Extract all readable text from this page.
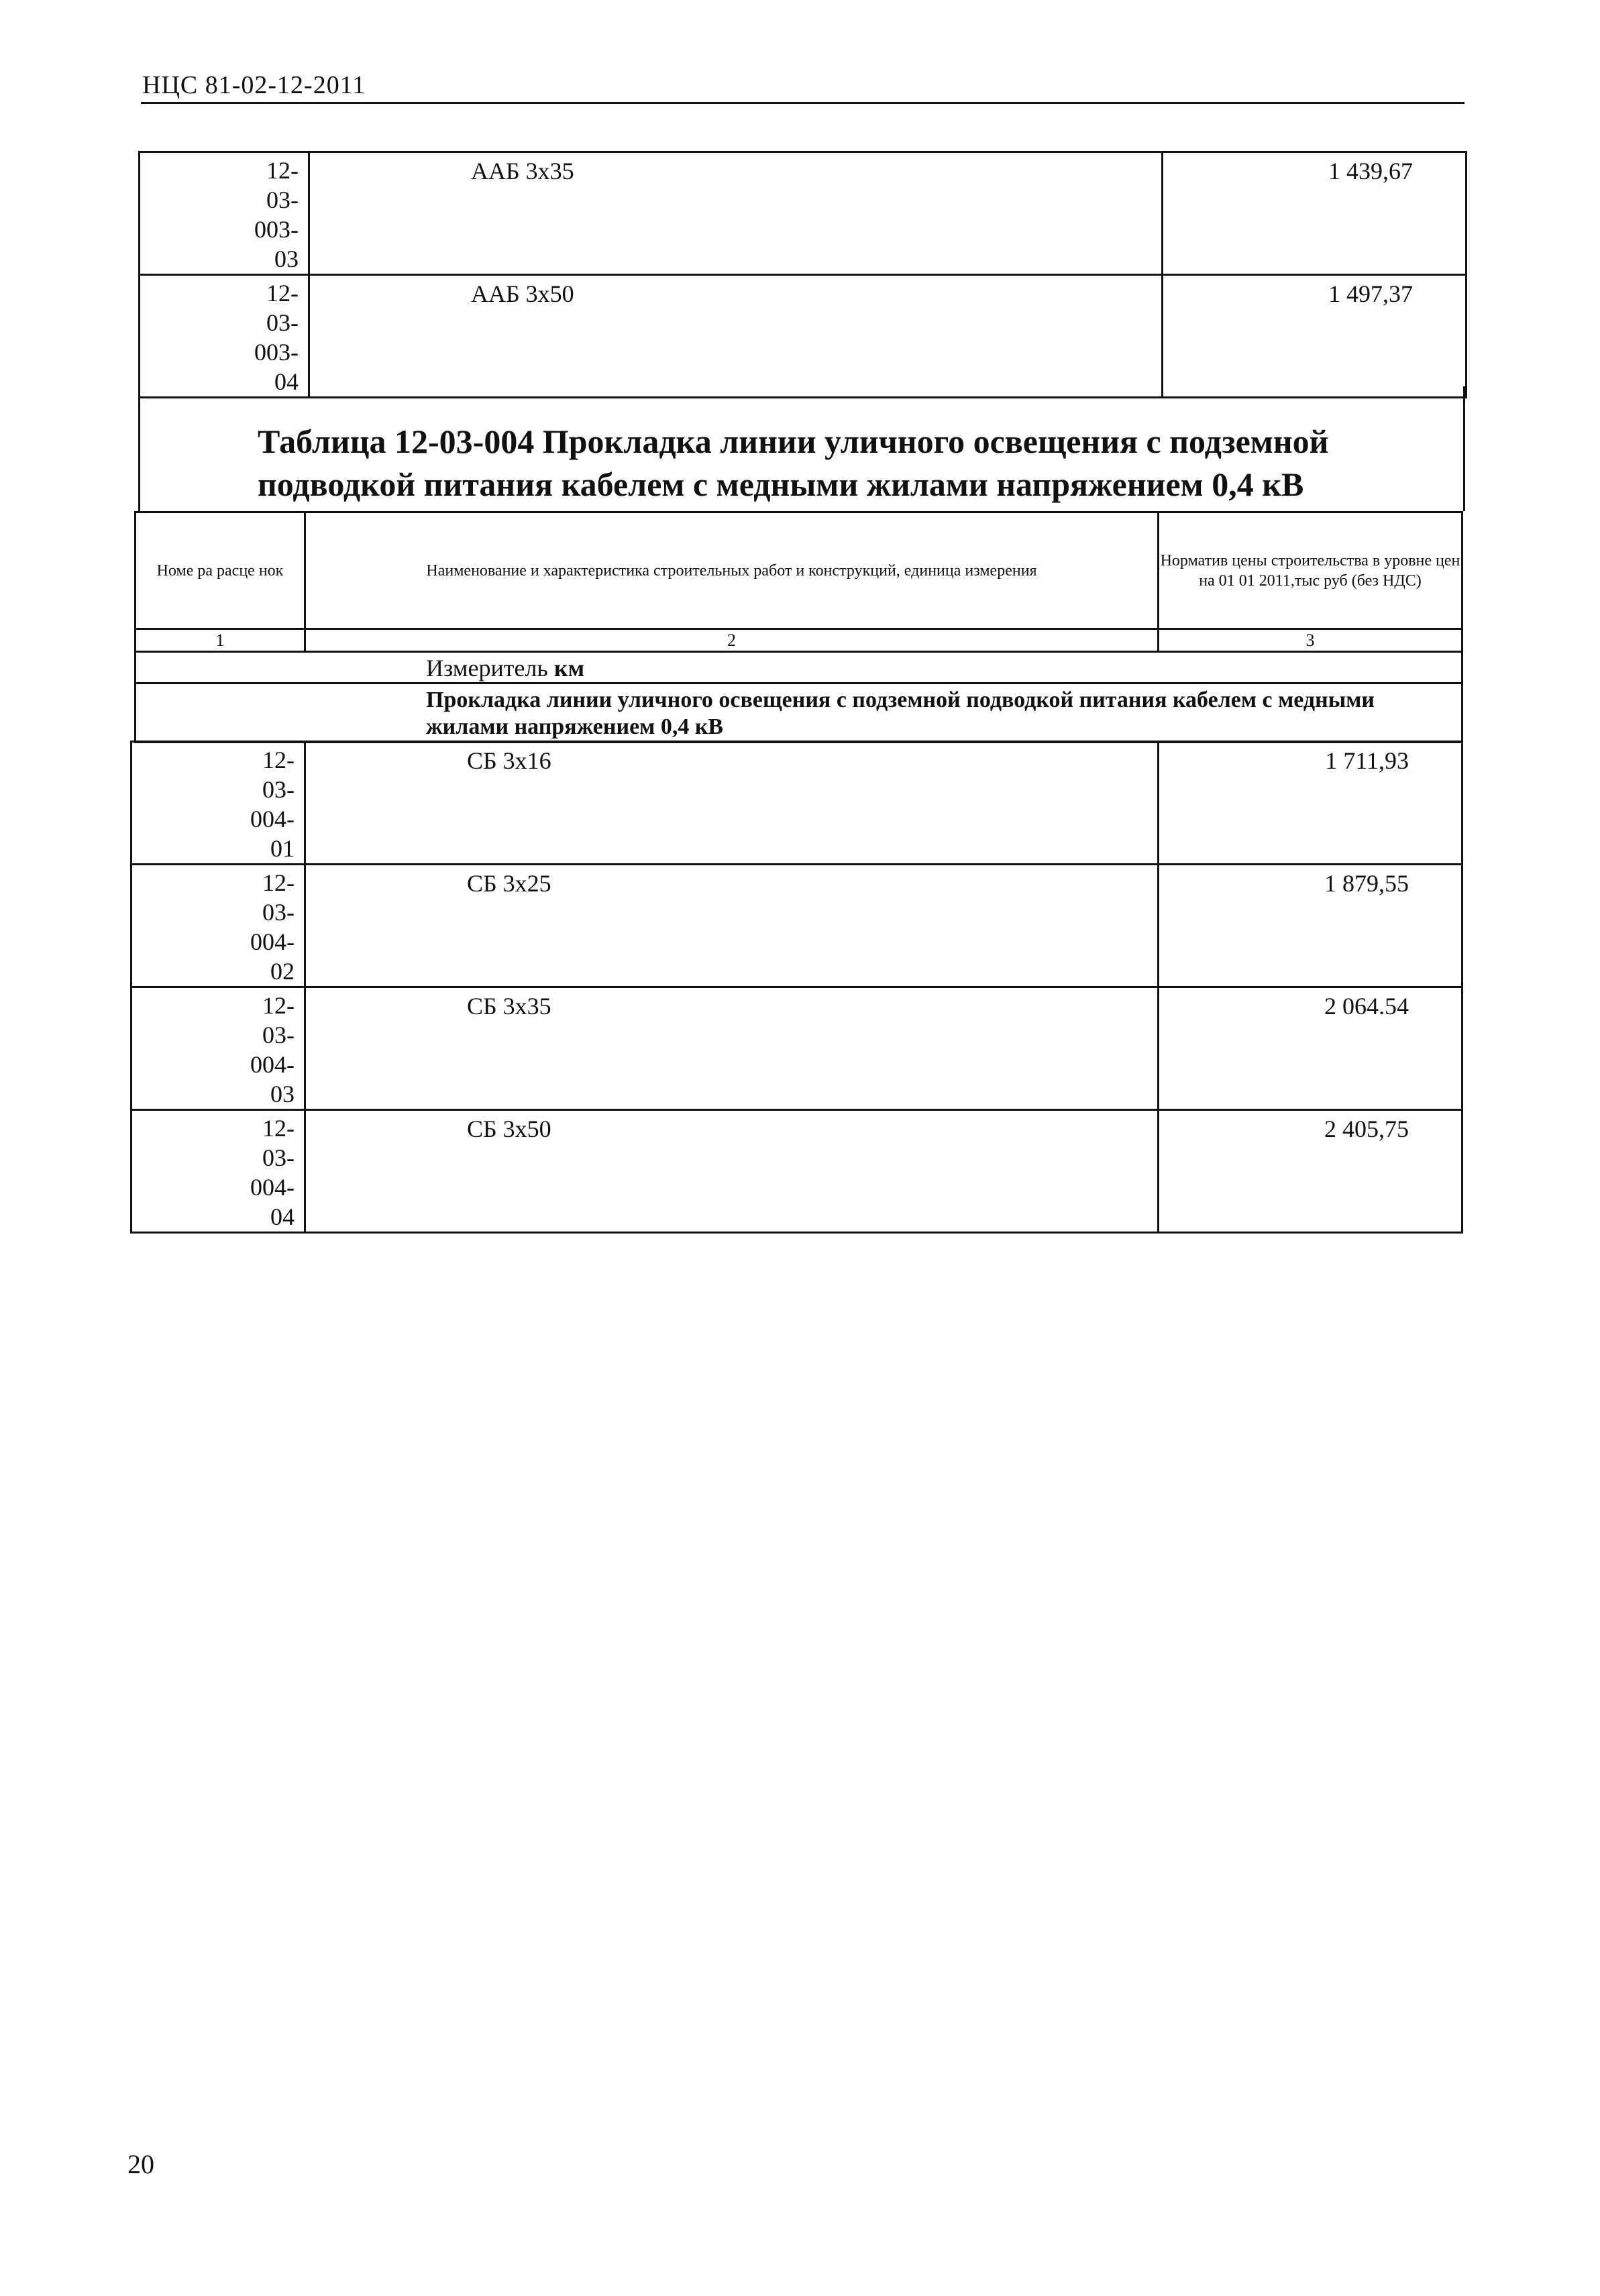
НЦС 81-02-12-2011
12-
03-
003-
03	ААБ 3х35	1 439,67
12-
03-
003-
04	ААБ 3х50	1 497,37
Таблица 12-03-004 Прокладка линии уличного освещения с подземной подводкой питания кабелем с медными жилами напряжением 0,4 кВ
Номе ра расце нок	Наименование и характеристика строительных работ и конструкций, единица измерения	Норматив цены строительства в уровне цен на 01 01 2011,тыс руб (без НДС)
1	2	3
Измеритель км		
Прокладка линии уличного освещения с подземной подводкой питания кабелем с медными жилами напряжением 0,4 кВ		
12-
03-
004-
01	СБ 3х16	1 711,93
12-
03-
004-
02	СБ 3х25	1 879,55
12-
03-
004-
03	СБ 3х35	2 064.54
12-
03-
004-
04	СБ 3х50	2 405,75
20
